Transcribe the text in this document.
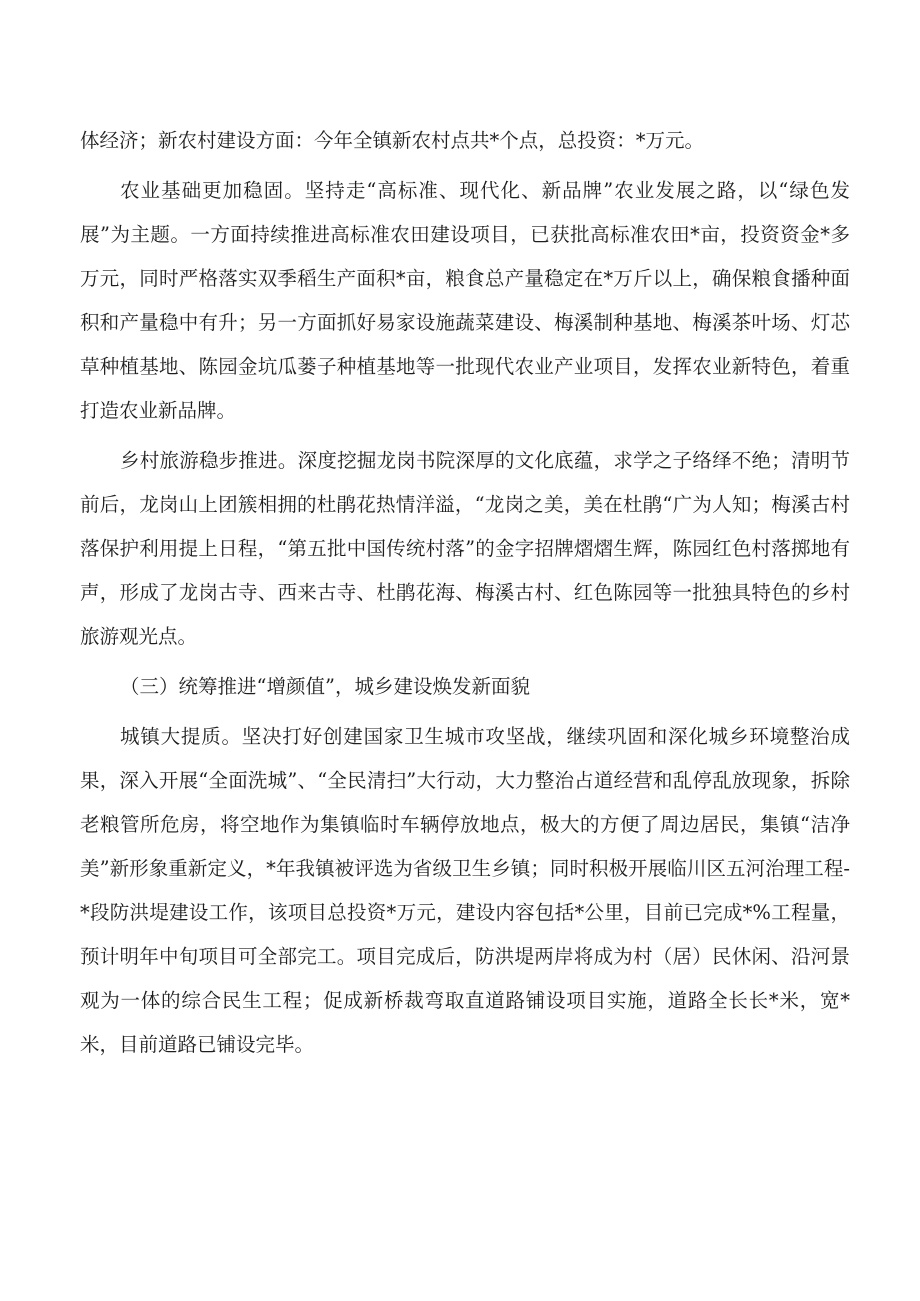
体经济；新农村建设方面：今年全镇新农村点共*个点，总投资：*万元。

农业基础更加稳固。坚持走“高标准、现代化、新品牌”农业发展之路，以“绿色发展”为主题。一方面持续推进高标准农田建设项目，已获批高标准农田*亩，投资资金*多万元，同时严格落实双季稻生产面积*亩，粮食总产量稳定在*万斤以上，确保粮食播种面积和产量稳中有升；另一方面抓好易家设施蔬菜建设、梅溪制种基地、梅溪茶叶场、灯芯草种植基地、陈园金坑瓜蒌子种植基地等一批现代农业产业项目，发挥农业新特色，着重打造农业新品牌。

乡村旅游稳步推进。深度挖掘龙岗书院深厚的文化底蕴，求学之子络绎不绝；清明节前后，龙岗山上团簇相拥的杜鹃花热情洋溢，“龙岗之美，美在杜鹃“广为人知；梅溪古村落保护利用提上日程，“第五批中国传统村落”的金字招牌熠熠生辉，陈园红色村落掷地有声，形成了龙岗古寺、西来古寺、杜鹃花海、梅溪古村、红色陈园等一批独具特色的乡村旅游观光点。

（三）统筹推进“增颜值”，城乡建设焕发新面貌

城镇大提质。坚决打好创建国家卫生城市攻坚战，继续巩固和深化城乡环境整治成果，深入开展“全面洗城”、“全民清扫”大行动，大力整治占道经营和乱停乱放现象，拆除老粮管所危房，将空地作为集镇临时车辆停放地点，极大的方便了周边居民，集镇“洁净美”新形象重新定义，*年我镇被评选为省级卫生乡镇；同时积极开展临川区五河治理工程-*段防洪堤建设工作，该项目总投资*万元，建设内容包括*公里，目前已完成*%工程量，预计明年中旬项目可全部完工。项目完成后，防洪堤两岸将成为村（居）民休闲、沿河景观为一体的综合民生工程；促成新桥裁弯取直道路铺设项目实施，道路全长长*米，宽*米，目前道路已铺设完毕。
